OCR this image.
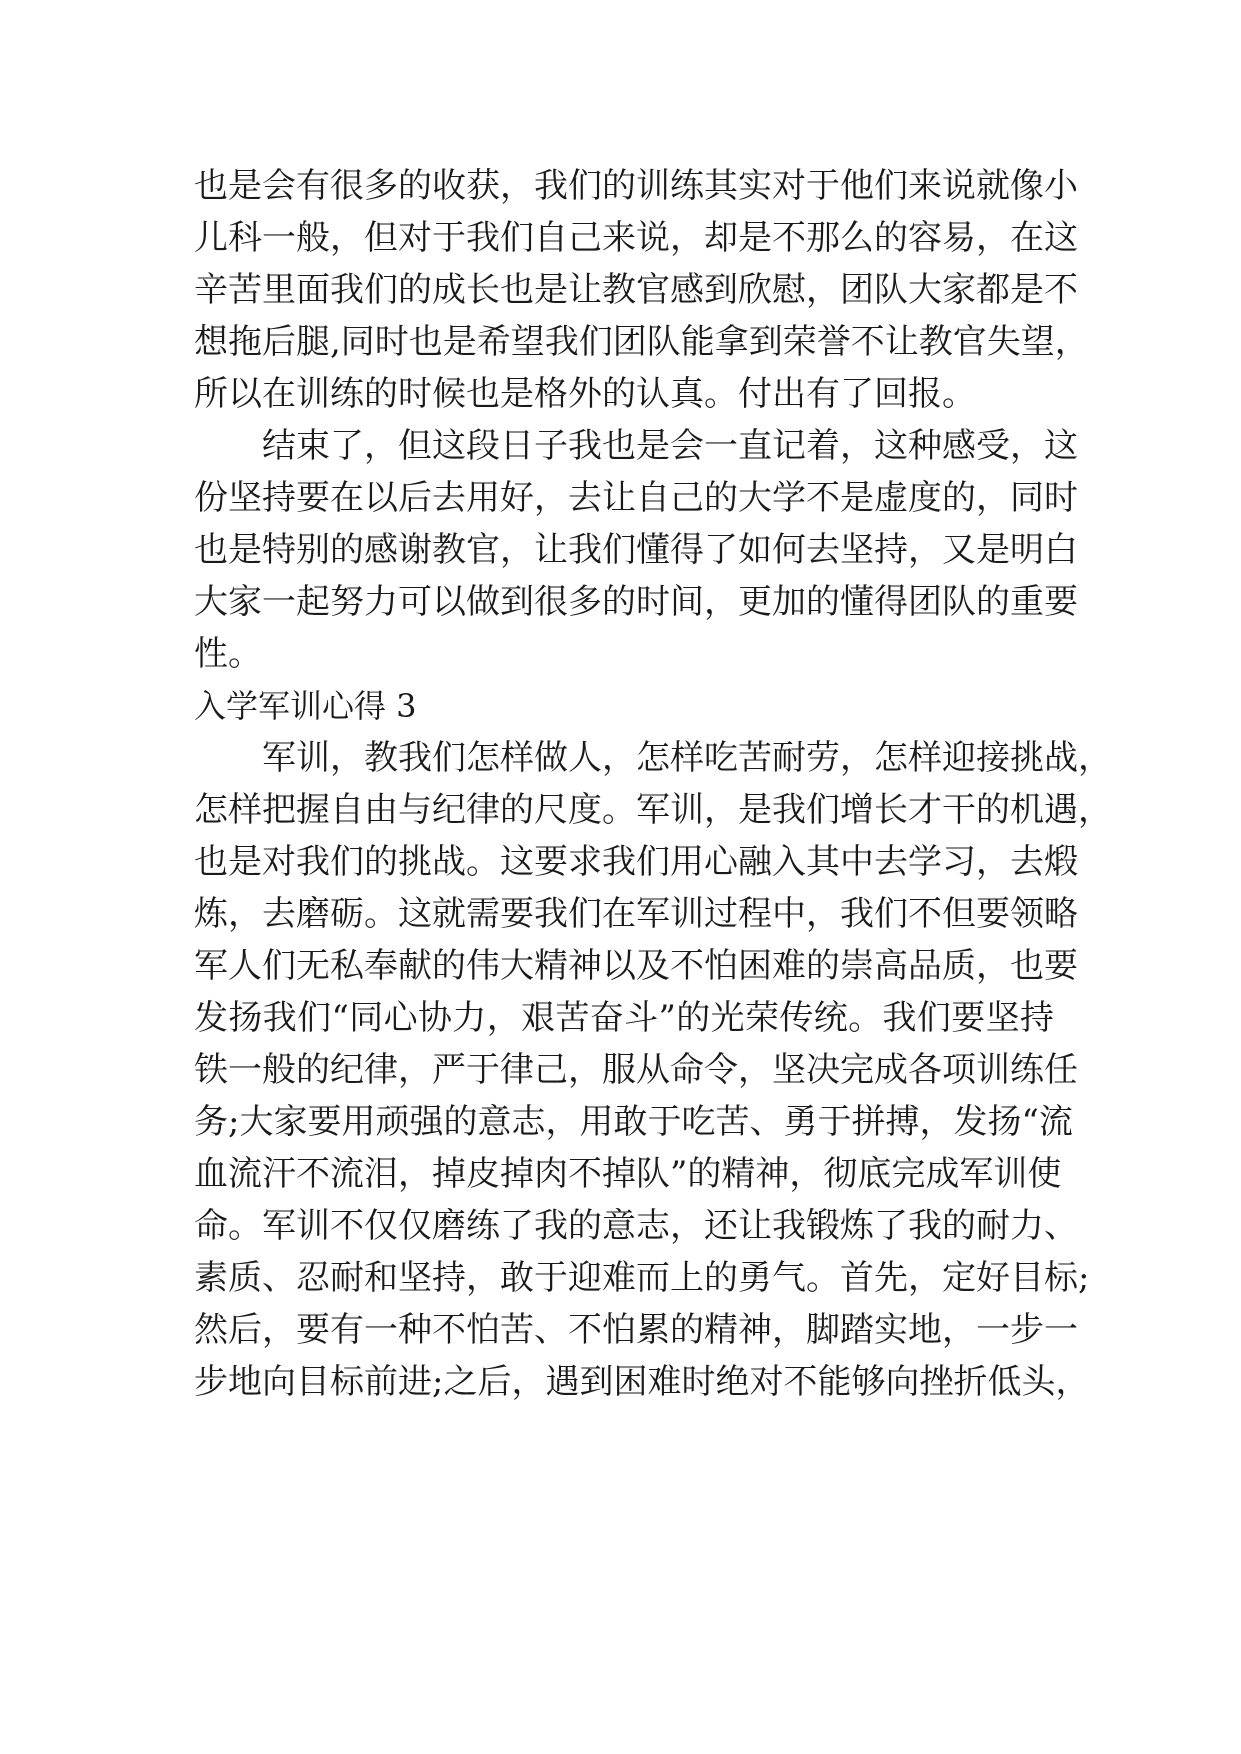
也是会有很多的收获，我们的训练其实对于他们来说就像小
儿科一般，但对于我们自己来说，却是不那么的容易，在这
辛苦里面我们的成长也是让教官感到欣慰，团队大家都是不
想拖后腿,同时也是希望我们团队能拿到荣誉不让教官失望，
所以在训练的时候也是格外的认真。付出有了回报。
　　结束了，但这段日子我也是会一直记着，这种感受，这
份坚持要在以后去用好，去让自己的大学不是虚度的，同时
也是特别的感谢教官，让我们懂得了如何去坚持，又是明白
大家一起努力可以做到很多的时间，更加的懂得团队的重要
性。
入学军训心得 3
　　军训，教我们怎样做人，怎样吃苦耐劳，怎样迎接挑战，
怎样把握自由与纪律的尺度。军训，是我们增长才干的机遇，
也是对我们的挑战。这要求我们用心融入其中去学习，去煅
炼，去磨砺。这就需要我们在军训过程中，我们不但要领略
军人们无私奉献的伟大精神以及不怕困难的崇高品质，也要
发扬我们“同心协力，艰苦奋斗”的光荣传统。我们要坚持
铁一般的纪律，严于律己，服从命令，坚决完成各项训练任
务;大家要用顽强的意志，用敢于吃苦、勇于拼搏，发扬“流
血流汗不流泪，掉皮掉肉不掉队”的精神，彻底完成军训使
命。军训不仅仅磨练了我的意志，还让我锻炼了我的耐力、
素质、忍耐和坚持，敢于迎难而上的勇气。首先，定好目标;
然后，要有一种不怕苦、不怕累的精神，脚踏实地，一步一
步地向目标前进;之后，遇到困难时绝对不能够向挫折低头，
